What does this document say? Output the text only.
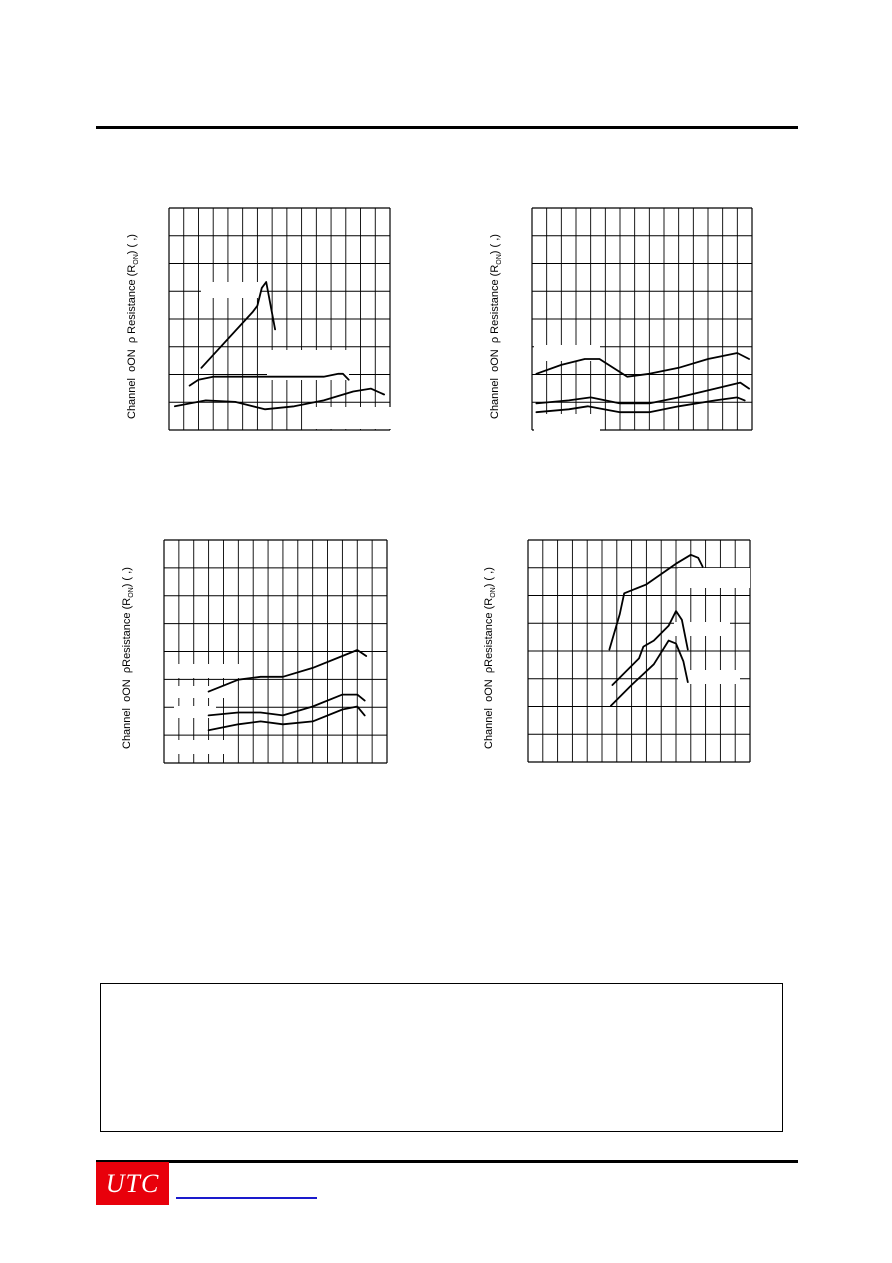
Channel  oON  ρ Resistance $(R_{ON})$ ( ,)
Channel  oON  ρ Resistance $(R_{ON})$ ( ,)
Channel  oON  ρResistance $(R_{ON})$ ( ,)
Channel  oON  ρResistance $(R_{ON})$ ( ,)
UTC
